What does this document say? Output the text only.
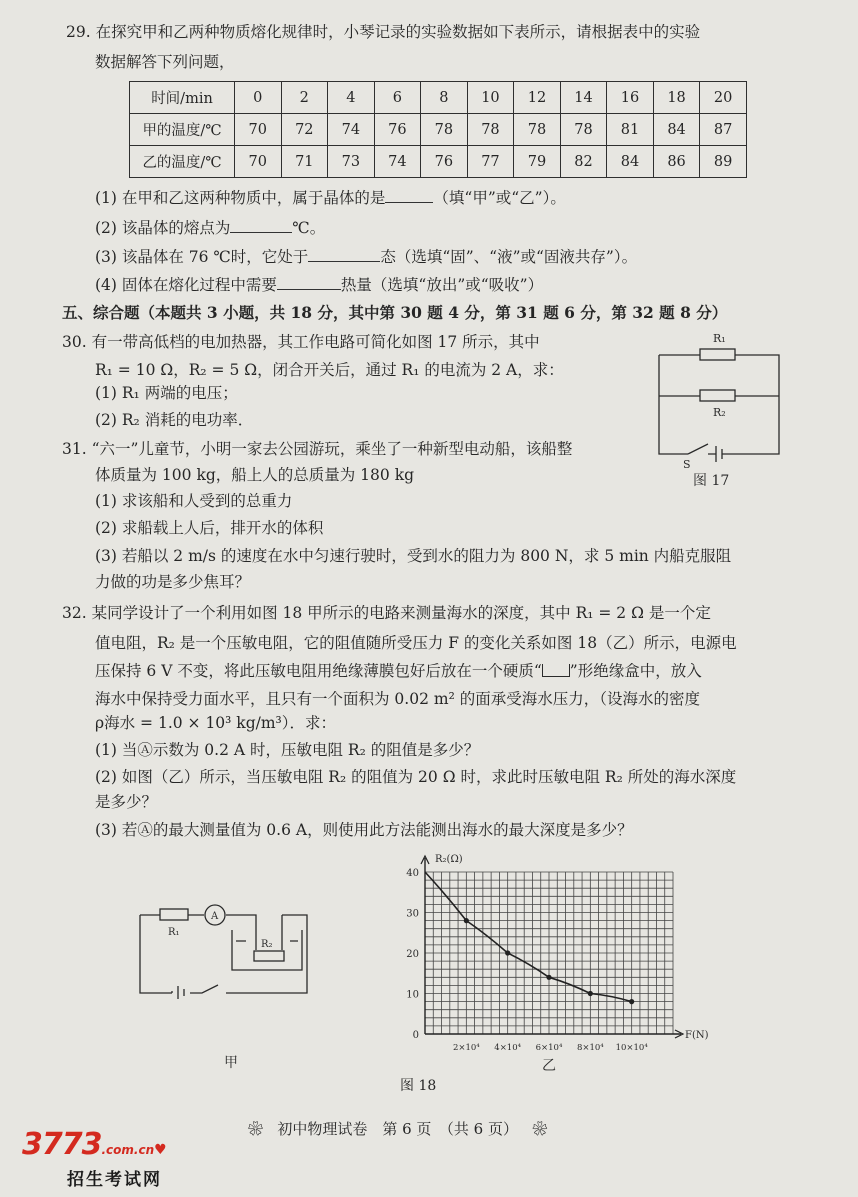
29. 在探究甲和乙两种物质熔化规律时，小琴记录的实验数据如下表所示，请根据表中的实验
数据解答下列问题，
时间/min	0	2	4	6	8	10	12	14	16	18	20
甲的温度/℃	70	72	74	76	78	78	78	78	81	84	87
乙的温度/℃	70	71	73	74	76	77	79	82	84	86	89
(1) 在甲和乙这两种物质中，属于晶体的是	（填“甲”或“乙”）。
(2) 该晶体的熔点为	℃。
(3) 该晶体在 76 ℃时，它处于	态（选填“固”、“液”或“固液共存”）。
(4) 固体在熔化过程中需要	热量（选填“放出”或“吸收”）
五、综合题（本题共 3 小题，共 18 分，其中第 30 题 4 分，第 31 题 6 分，第 32 题 8 分）
30. 有一带高低档的电加热器，其工作电路可简化如图 17 所示，其中
R₁ = 10 Ω，R₂ = 5 Ω，闭合开关后，通过 R₁ 的电流为 2 A，求：
(1) R₁ 两端的电压；
(2) R₂ 消耗的电功率．
R₁
R₂
S
图 17
31. “六一”儿童节，小明一家去公园游玩，乘坐了一种新型电动船，该船整
体质量为 100 kg，船上人的总质量为 180 kg
(1) 求该船和人受到的总重力
(2) 求船载上人后，排开水的体积
(3) 若船以 2 m/s 的速度在水中匀速行驶时，受到水的阻力为 800 N，求 5 min 内船克服阻
力做的功是多少焦耳？
32. 某同学设计了一个利用如图 18 甲所示的电路来测量海水的深度，其中 R₁ = 2 Ω 是一个定
值电阻，R₂ 是一个压敏电阻，它的阻值随所受压力 F 的变化关系如图 18（乙）所示，电源电
压保持 6 V 不变，将此压敏电阻用绝缘薄膜包好后放在一个硬质“ ”形绝缘盒中，放入
海水中保持受力面水平，且只有一个面积为 0.02 m² 的面承受海水压力，（设海水的密度
ρ海水 = 1.0 × 10³ kg/m³）．求：
(1) 当Ⓐ示数为 0.2 A 时，压敏电阻 R₂ 的阻值是多少？
(2) 如图（乙）所示，当压敏电阻 R₂ 的阻值为 20 Ω 时，求此时压敏电阻 R₂ 所处的海水深度
是多少？
(3) 若Ⓐ的最大测量值为 0.6 A，则使用此方法能测出海水的最大深度是多少？
A
R₁
R₂
甲
40
30
20
10
0
2×10⁴ 4×10⁴ 6×10⁴ 8×10⁴ 10×10⁴
R₂(Ω)
F(N)
乙
图 18
❀ 初中物理试卷　第 6 页　（共 6 页） ❀
3773.com.cn♥
招生考试网
